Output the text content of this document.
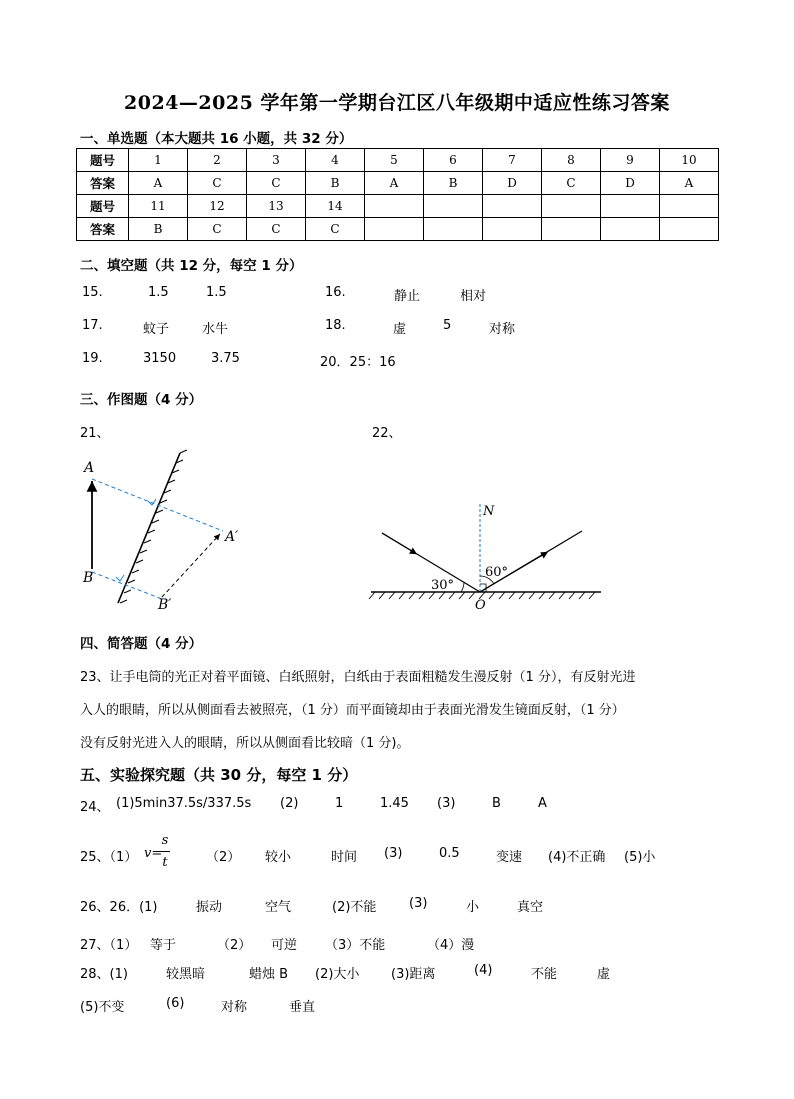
2024—2025 学年第一学期台江区八年级期中适应性练习答案
一、单选题（本大题共 16 小题，共 32 分）
题号	1	2	3	4	5	6	7	8	9	10
答案	A	C	C	B	A	B	D	C	D	A
题号	11	12	13	14						
答案	B	C	C	C						
二、填空题（共 12 分，每空 1 分）
15.	1.5	1.5	16.	静止	相对
17.	蚊子	水牛	18.	虚	5	对称
19.	3150	3.75	20．25：16
三、作图题（4 分）
21、	22、
A
B
A′
B′
N
O
30°
60°
四、简答题（4 分）
23、让手电筒的光正对着平面镜、白纸照射，白纸由于表面粗糙发生漫反射（1 分），有反射光进
入人的眼睛，所以从侧面看去被照亮，（1 分）而平面镜却由于表面光滑发生镜面反射，（1 分）
没有反射光进入人的眼睛，所以从侧面看比较暗（1 分)。
五、实验探究题（共 30 分，每空 1 分）
24、 (1)5min37.5s/337.5s (2)	1	1.45 (3)	B	A
25、（1） v=
s
t	（2） 较小	时间 (3)	0.5	变速 (4)不正确 (5)小
26、26．(1)	振动	空气	(2)不能	(3)	小	真空
27、（1） 等于	（2） 可逆 （3）不能	（4）漫
28、(1)	较黑暗	蜡烛 B (2)大小 (3)距离	(4)	不能	虚
(5)不变	(6)	对称	垂直
